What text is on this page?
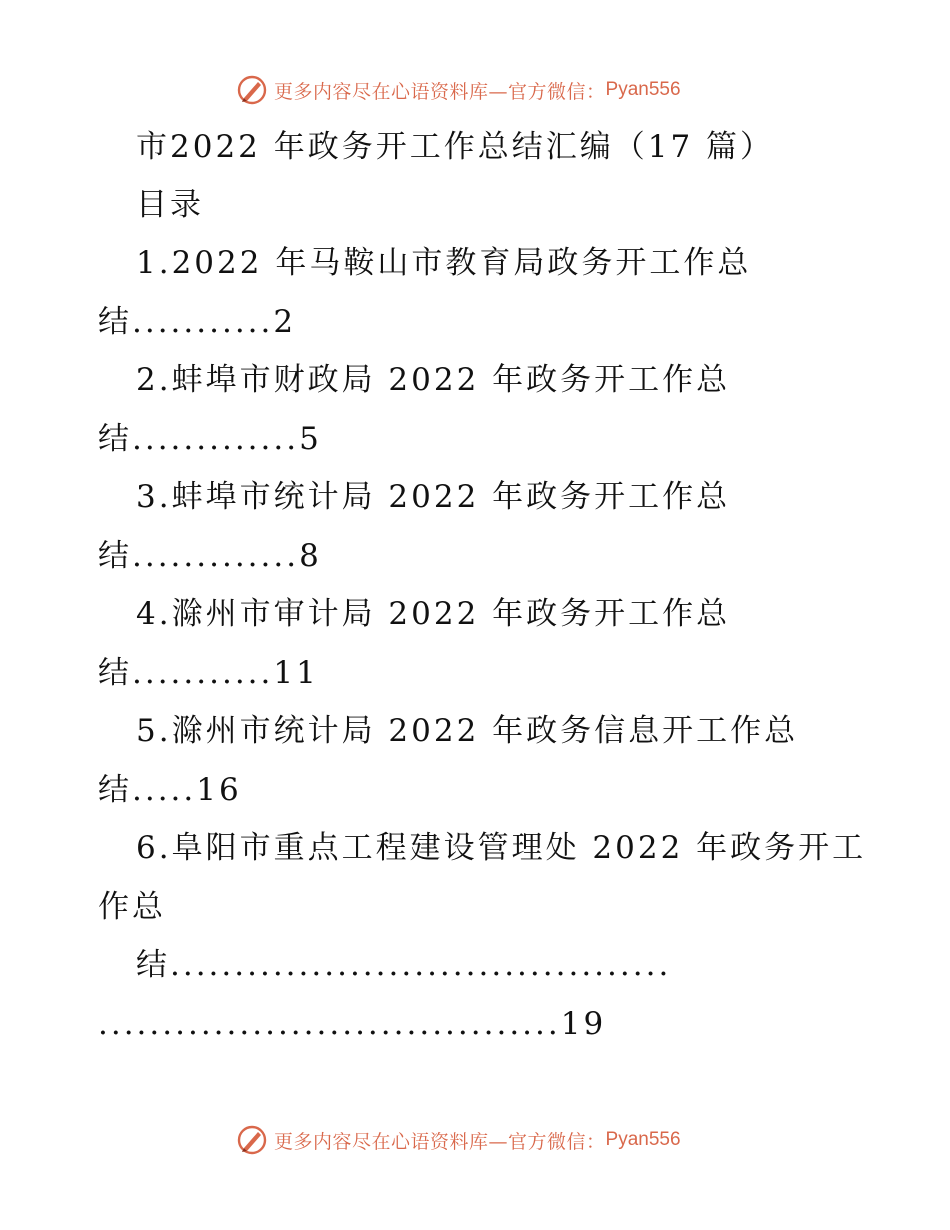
更多内容尽在心语资料库—官方微信： Pyan556
市2022 年政务开工作总结汇编（17 篇）
目录
1.2022 年马鞍山市教育局政务开工作总
结...........2
2.蚌埠市财政局 2022 年政务开工作总
结.............5
3.蚌埠市统计局 2022 年政务开工作总
结.............8
4.滁州市审计局 2022 年政务开工作总
结...........11
5.滁州市统计局 2022 年政务信息开工作总
结.....16
6.阜阳市重点工程建设管理处 2022 年政务开工
作总
结.......................................
....................................19
更多内容尽在心语资料库—官方微信： Pyan556
